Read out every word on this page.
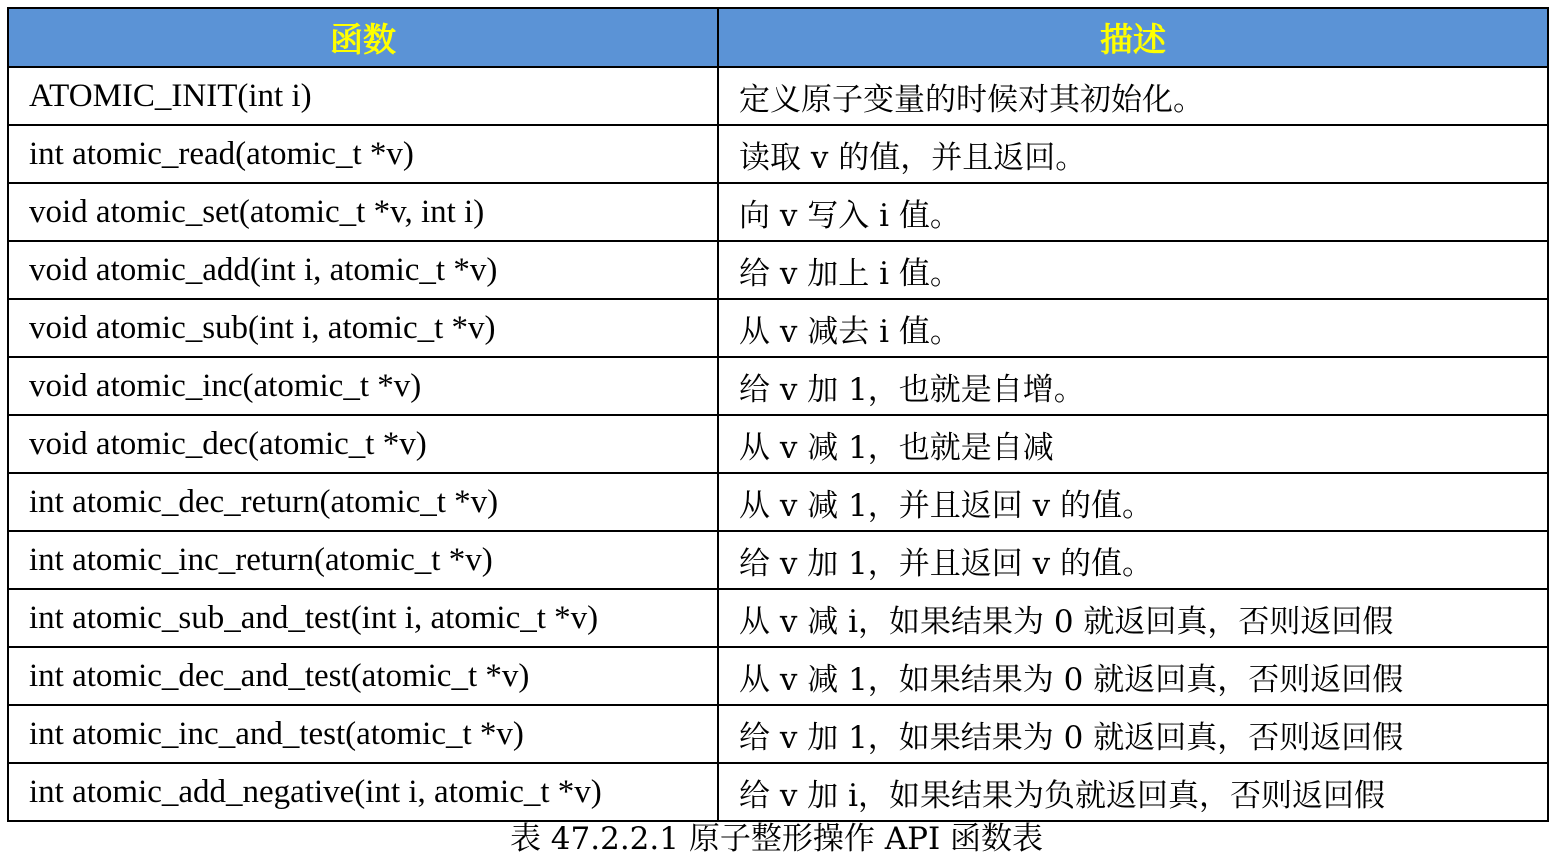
函数	描述
ATOMIC_INIT(int i)	定义原子变量的时候对其初始化。
int atomic_read(atomic_t *v)	读取 v 的值，并且返回。
void atomic_set(atomic_t *v, int i)	向 v 写入 i 值。
void atomic_add(int i, atomic_t *v)	给 v 加上 i 值。
void atomic_sub(int i, atomic_t *v)	从 v 减去 i 值。
void atomic_inc(atomic_t *v)	给 v 加 1，也就是自增。
void atomic_dec(atomic_t *v)	从 v 减 1，也就是自减
int atomic_dec_return(atomic_t *v)	从 v 减 1，并且返回 v 的值。
int atomic_inc_return(atomic_t *v)	给 v 加 1，并且返回 v 的值。
int atomic_sub_and_test(int i, atomic_t *v)	从 v 减 i，如果结果为 0 就返回真，否则返回假
int atomic_dec_and_test(atomic_t *v)	从 v 减 1，如果结果为 0 就返回真，否则返回假
int atomic_inc_and_test(atomic_t *v)	给 v 加 1，如果结果为 0 就返回真，否则返回假
int atomic_add_negative(int i, atomic_t *v)	给 v 加 i，如果结果为负就返回真，否则返回假
表 47.2.2.1 原子整形操作 API 函数表
